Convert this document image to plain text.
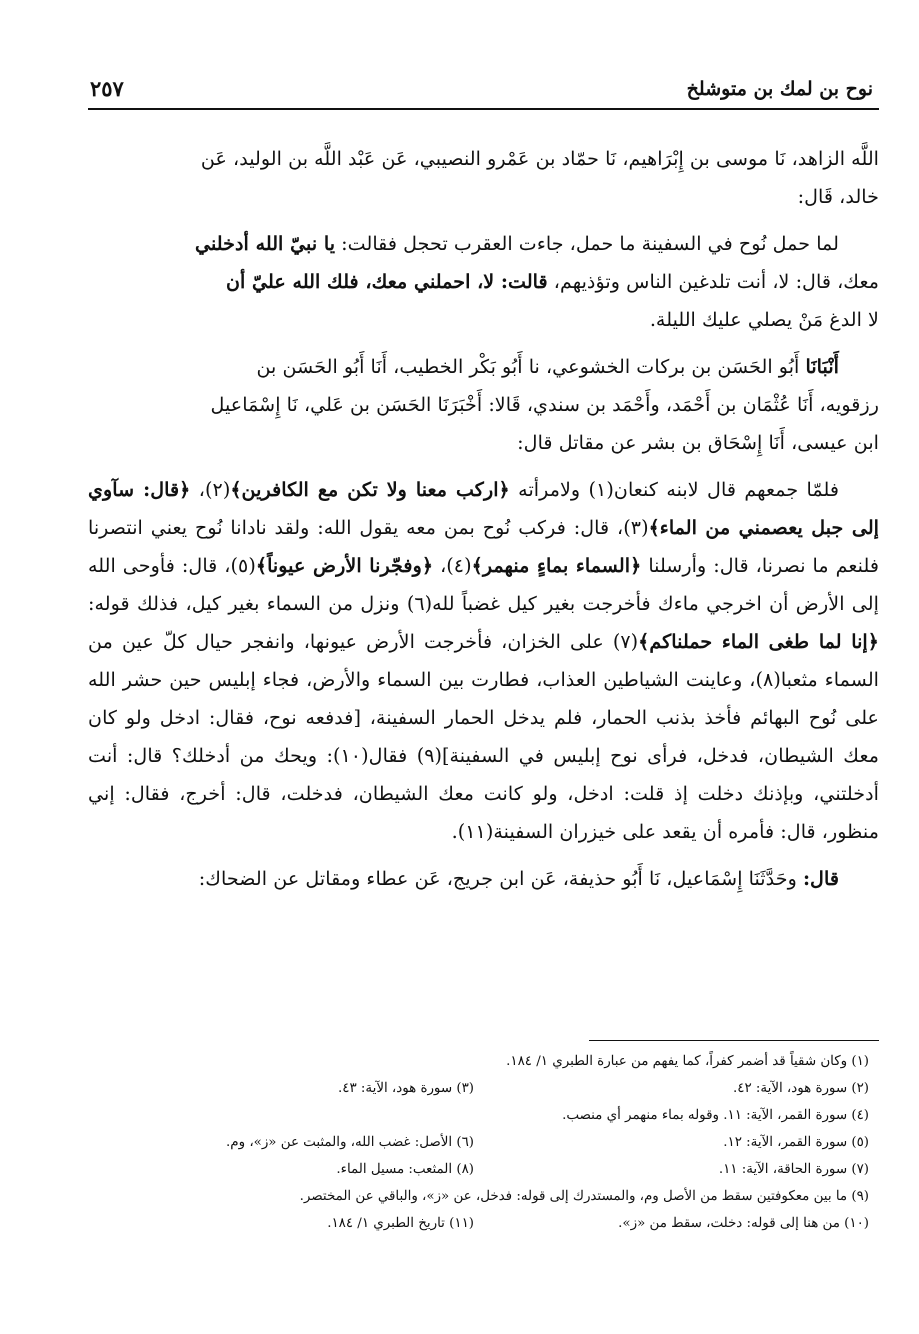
نوح بن لمك بن متوشلخ
٢٥٧

اللَّه الزاهد، نَا موسى بن إِبْرَاهيم، نَا حمّاد بن عَمْرو النصيبي، عَن عَبْد اللَّه بن الوليد، عَن
خالد، قَال:

لما حمل نُوح في السفينة ما حمل، جاءت العقرب تحجل فقالت: يا نبيّ الله أدخلني
معك، قال: لا، أنت تلدغين الناس وتؤذيهم، قالت: لا، احملني معك، فلك الله عليّ أن
لا الدغ مَنْ يصلي عليك الليلة.

أَنْبَانَا أَبُو الحَسَن بن بركات الخشوعي، نا أَبُو بَكْر الخطيب، أَنَا أَبُو الحَسَن بن
رزقويه، أَنَا عُثْمَان بن أَحْمَد، وأَحْمَد بن سندي، قَالا: أَخْبَرَنَا الحَسَن بن عَلي، نَا إِسْمَاعيل
ابن عيسى، أَنَا إِسْحَاق بن بشر عن مقاتل قال:

فلمّا جمعهم قال لابنه كنعان(١) ولامرأته ﴿اركب معنا ولا تكن مع الكافرين﴾(٢)، ﴿قال: سآوي إلى جبل يعصمني من الماء﴾(٣)، قال: فركب نُوح بمن معه يقول الله: ولقد نادانا نُوح يعني انتصرنا فلنعم ما نصرنا، قال: وأرسلنا ﴿السماء بماءٍ منهمر﴾(٤)، ﴿وفجّرنا الأرض عيوناً﴾(٥)، قال: فأوحى الله إلى الأرض أن اخرجي ماءك فأخرجت بغير كيل غضباً لله(٦) ونزل من السماء بغير كيل، فذلك قوله: ﴿إنا لما طغى الماء حملناكم﴾(٧) على الخزان، فأخرجت الأرض عيونها، وانفجر حيال كلّ عين من السماء مثعبا(٨)، وعاينت الشياطين العذاب، فطارت بين السماء والأرض، فجاء إبليس حين حشر الله على نُوح البهائم فأخذ بذنب الحمار، فلم يدخل الحمار السفينة، [فدفعه نوح، فقال: ادخل ولو كان معك الشيطان، فدخل، فرأى نوح إبليس في السفينة](٩) فقال(١٠): ويحك من أدخلك؟ قال: أنت أدخلتني، وبإذنك دخلت إذ قلت: ادخل، ولو كانت معك الشيطان، فدخلت، قال: أخرج، فقال: إني منظور، قال: فأمره أن يقعد على خيزران السفينة(١١).

قال: وحَدَّثَنَا إِسْمَاعيل، نَا أَبُو حذيفة، عَن ابن جريج، عَن عطاء ومقاتل عن الضحاك:

(١) وكان شقياً قد أضمر كفراً، كما يفهم من عبارة الطبري ١/ ١٨٤.
(٢) سورة هود، الآية: ٤٢.
(٣) سورة هود، الآية: ٤٣.
(٤) سورة القمر، الآية: ١١. وقوله بماء منهمر أي منصب.
(٥) سورة القمر، الآية: ١٢.
(٦) الأصل: غضب الله، والمثبت عن «ز»، وم.
(٧) سورة الحاقة، الآية: ١١.
(٨) المثعب: مسيل الماء.
(٩) ما بين معكوفتين سقط من الأصل وم، والمستدرك إلى قوله: فدخل، عن «ز»، والباقي عن المختصر.
(١٠) من هنا إلى قوله: دخلت، سقط من «ز».
(١١) تاريخ الطبري ١/ ١٨٤.
